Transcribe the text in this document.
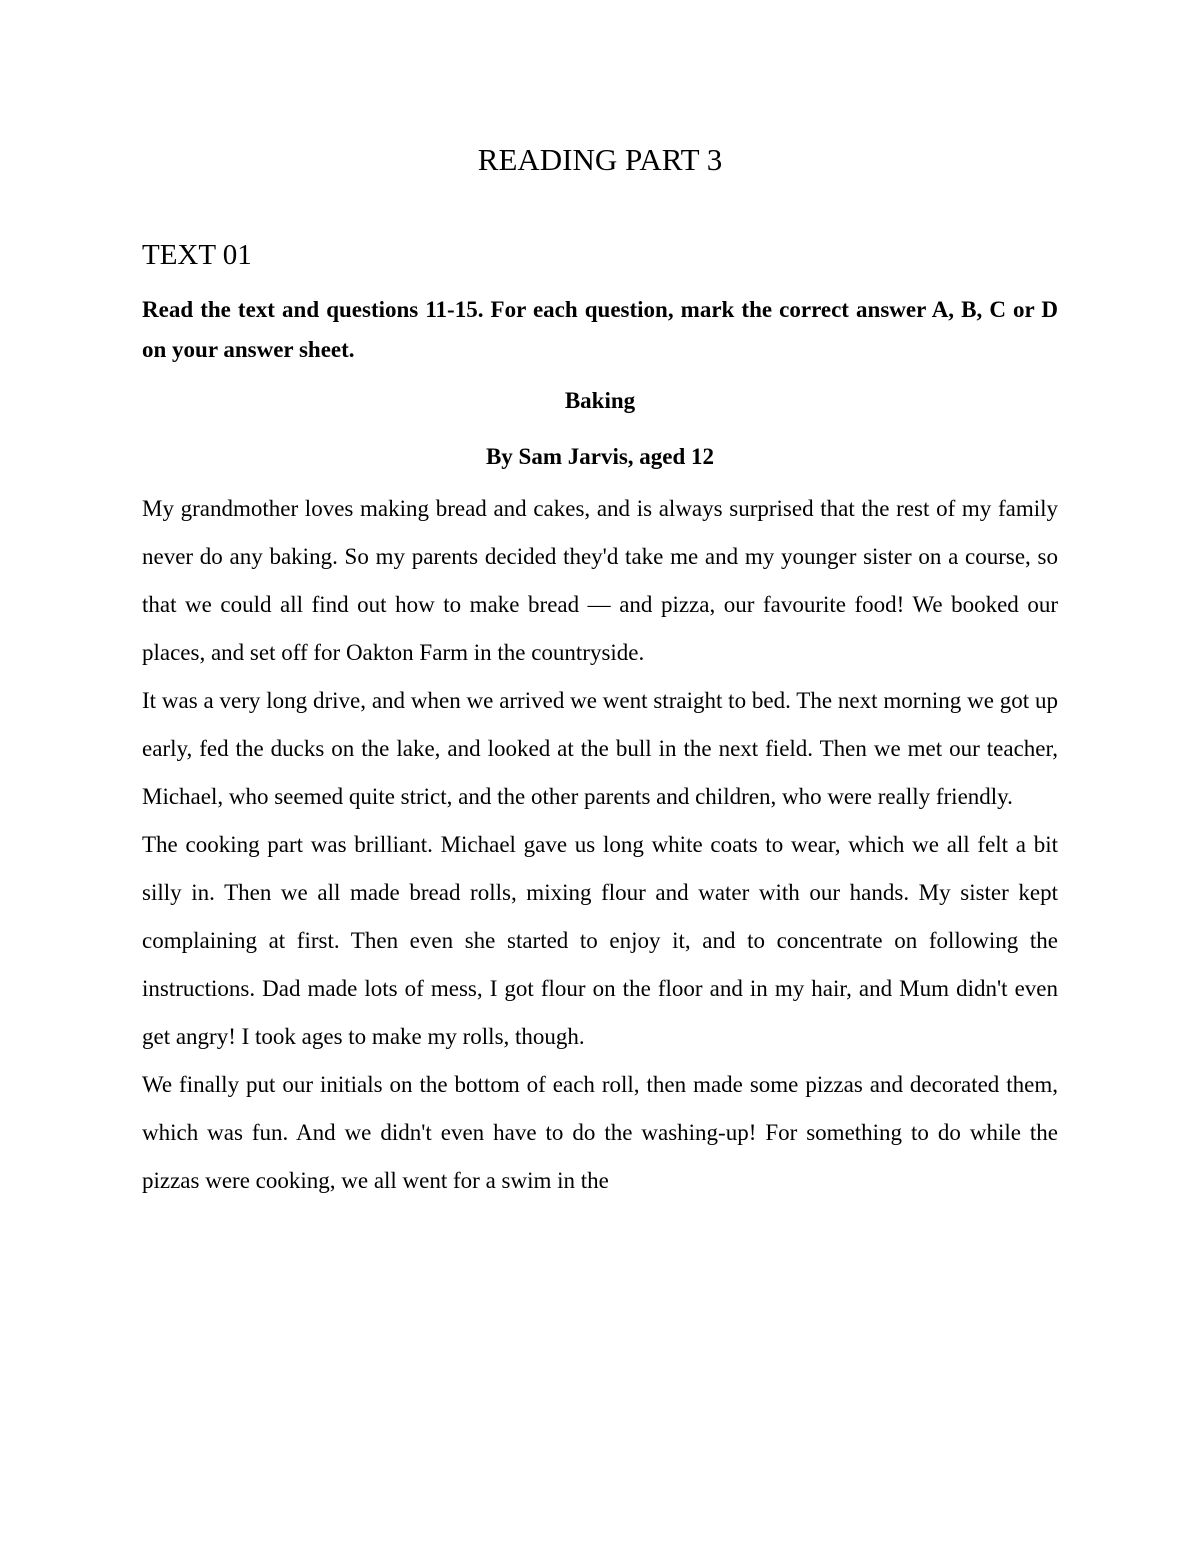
READING PART 3
TEXT 01

Read the text and questions 11-15. For each question, mark the correct answer A, B, C or D on your answer sheet.

Baking

By Sam Jarvis, aged 12

My grandmother loves making bread and cakes, and is always surprised that the rest of my family never do any baking. So my parents decided they'd take me and my younger sister on a course, so that we could all find out how to make bread — and pizza, our favourite food! We booked our places, and set off for Oakton Farm in the countryside.

It was a very long drive, and when we arrived we went straight to bed. The next morning we got up early, fed the ducks on the lake, and looked at the bull in the next field. Then we met our teacher, Michael, who seemed quite strict, and the other parents and children, who were really friendly.

The cooking part was brilliant. Michael gave us long white coats to wear, which we all felt a bit silly in. Then we all made bread rolls, mixing flour and water with our hands. My sister kept complaining at first. Then even she started to enjoy it, and to concentrate on following the instructions. Dad made lots of mess, I got flour on the floor and in my hair, and Mum didn't even get angry! I took ages to make my rolls, though.

We finally put our initials on the bottom of each roll, then made some pizzas and decorated them, which was fun. And we didn't even have to do the washing-up! For something to do while the pizzas were cooking, we all went for a swim in the
